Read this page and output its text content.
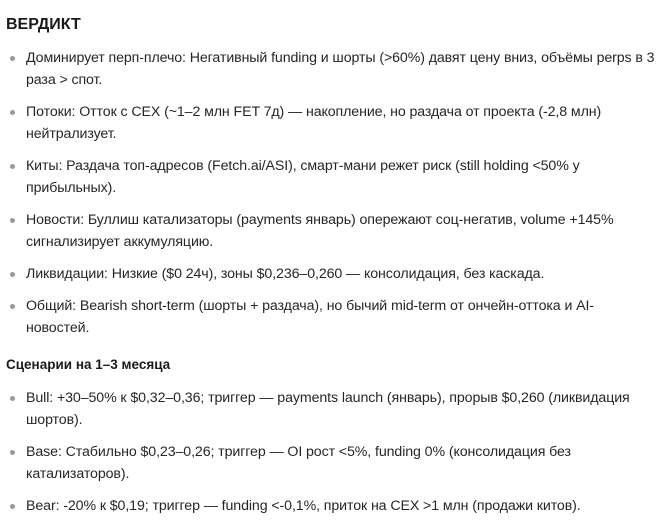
ВЕРДИКТ
Доминирует перп-плечо: Негативный funding и шорты (>60%) давят цену вниз, объёмы perps в 3 раза > спот.
Потоки: Отток с CEX (~1–2 млн FET 7д) — накопление, но раздача от проекта (-2,8 млн) нейтрализует.
Киты: Раздача топ-адресов (Fetch.ai/ASI), смарт-мани режет риск (still holding <50% у прибыльных).
Новости: Буллиш катализаторы (payments январь) опережают соц-негатив, volume +145% сигнализирует аккумуляцию.
Ликвидации: Низкие ($0 24ч), зоны $0,236–0,260 — консолидация, без каскада.
Общий: Bearish short-term (шорты + раздача), но бычий mid-term от ончейн-оттока и AI-новостей.
Сценарии на 1–3 месяца
Bull: +30–50% к $0,32–0,36; триггер — payments launch (январь), прорыв $0,260 (ликвидация шортов).
Base: Стабильно $0,23–0,26; триггер — OI рост <5%, funding 0% (консолидация без катализаторов).
Bear: -20% к $0,19; триггер — funding <-0,1%, приток на CEX >1 млн (продажи китов).
